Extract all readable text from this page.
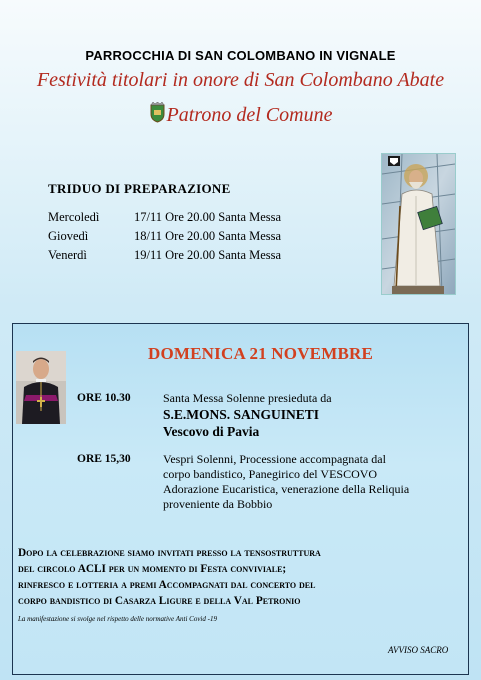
PARROCCHIA DI SAN COLOMBANO IN VIGNALE
Festività titolari in onore di San Colombano Abate
Patrono del Comune
TRIDUO DI PREPARAZIONE
Mercoledì	17/11 Ore 20.00 Santa Messa
Giovedì	18/11 Ore 20.00 Santa Messa
Venerdì	19/11 Ore 20.00 Santa Messa
DOMENICA 21 NOVEMBRE
ORE 10.30	Santa Messa Solenne presieduta da
S.E.MONS. SANGUINETI
Vescovo di Pavia
ORE 15,30	Vespri Solenni, Processione accompagnata dal
corpo bandistico, Panegirico del VESCOVO
Adorazione Eucaristica, venerazione della Reliquia
proveniente da Bobbio
Dopo la celebrazione siamo invitati presso la tensostruttura
del circolo ACLI per un momento di Festa conviviale;
rinfresco e lotteria a premi Accompagnati dal concerto del
corpo bandistico di Casarza Ligure e della Val Petronio
La manifestazione si svolge nel rispetto delle normative Anti Covid -19
AVVISO SACRO
